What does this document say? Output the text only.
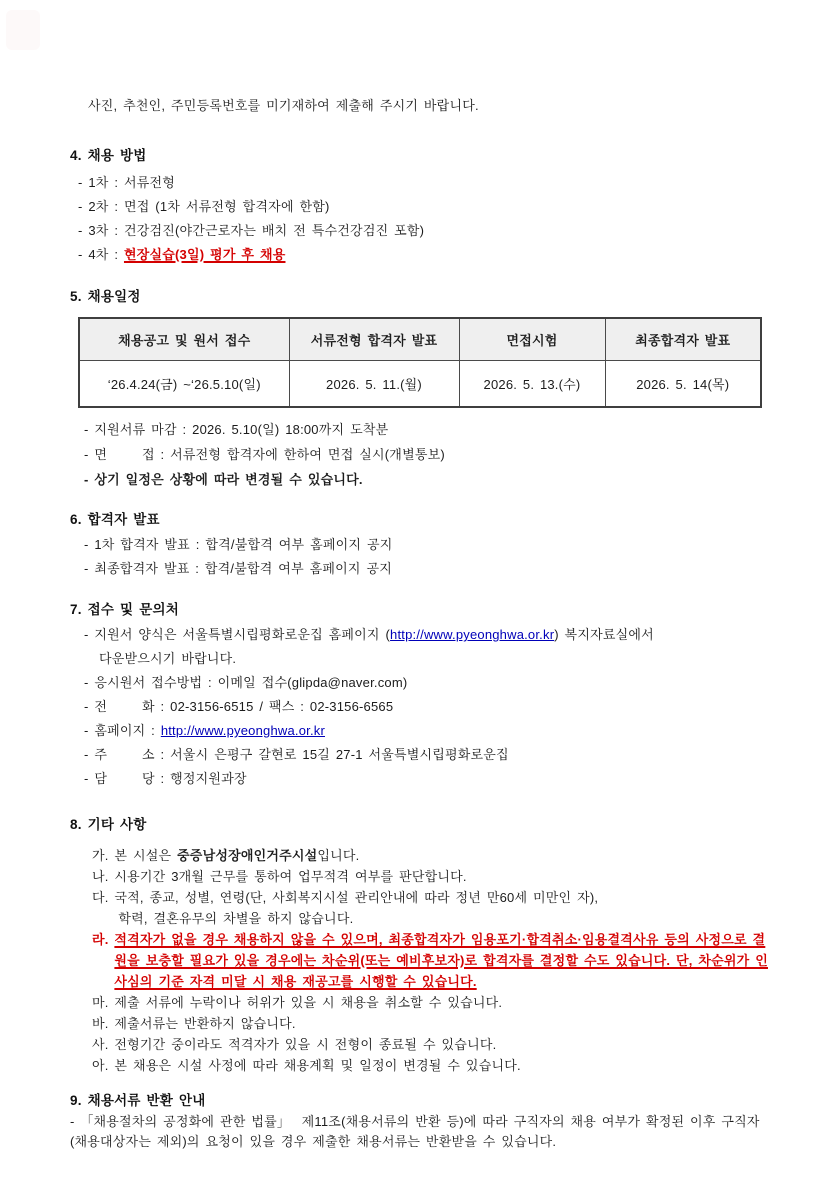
사진, 추천인, 주민등록번호를 미기재하여 제출해 주시기 바랍니다.
4. 채용 방법
- 1차 : 서류전형
- 2차 : 면접 (1차 서류전형 합격자에 한함)
- 3차 : 건강검진(야간근로자는 배치 전 특수건강검진 포함)
- 4차 : 현장실습(3일) 평가 후 채용
5. 채용일정
채용공고 및 원서 접수	서류전형 합격자 발표	면접시험	최종합격자 발표
‘26.4.24(금) ~‘26.5.10(일)	2026. 5. 11.(월)	2026. 5. 13.(수)	2026. 5. 14(목)
- 지원서류 마감 : 2026. 5.10(일) 18:00까지 도착분
- 면      접 : 서류전형 합격자에 한하여 면접 실시(개별통보)
- 상기 일정은 상황에 따라 변경될 수 있습니다.
6. 합격자 발표
- 1차 합격자 발표 : 합격/불합격 여부 홈페이지 공지
- 최종합격자 발표 : 합격/불합격 여부 홈페이지 공지
7. 접수 및 문의처
- 지원서 양식은 서울특별시립평화로운집 홈페이지 (http://www.pyeonghwa.or.kr) 복지자료실에서
다운받으시기 바랍니다.
- 응시원서 접수방법 : 이메일 접수(glipda@naver.com)
- 전      화 : 02-3156-6515 / 팩스 : 02-3156-6565
- 홈페이지 : http://www.pyeonghwa.or.kr
- 주      소 : 서울시 은평구 갈현로 15길 27-1 서울특별시립평화로운집
- 담      당 : 행정지원과장
8. 기타 사항
가. 본 시설은 중증남성장애인거주시설입니다.
나. 시용기간 3개월 근무를 통하여 업무적격 여부를 판단합니다.
다. 국적, 종교, 성별, 연령(단, 사회복지시설 관리안내에 따라 정년 만60세 미만인 자),
학력, 결혼유무의 차별을 하지 않습니다.
라. 적격자가 없을 경우 채용하지 않을 수 있으며, 최종합격자가 임용포기·합격취소·임용결격사유 등의 사정으로 결원을 보충할 필요가 있을 경우에는 차순위(또는 예비후보자)로 합격자를 결정할 수도 있습니다. 단, 차순위가 인사심의 기준 자격 미달 시 채용 재공고를 시행할 수 있습니다.
마. 제출 서류에 누락이나 허위가 있을 시 채용을 취소할 수 있습니다.
바. 제출서류는 반환하지 않습니다.
사. 전형기간 중이라도 적격자가 있을 시 전형이 종료될 수 있습니다.
아. 본 채용은 시설 사정에 따라 채용계획 및 일정이 변경될 수 있습니다.
9. 채용서류 반환 안내
- 「채용절차의 공정화에 관한 법률」  제11조(채용서류의 반환 등)에 따라 구직자의 채용 여부가 확정된 이후 구직자(채용대상자는 제외)의 요청이 있을 경우 제출한 채용서류는 반환받을 수 있습니다.
